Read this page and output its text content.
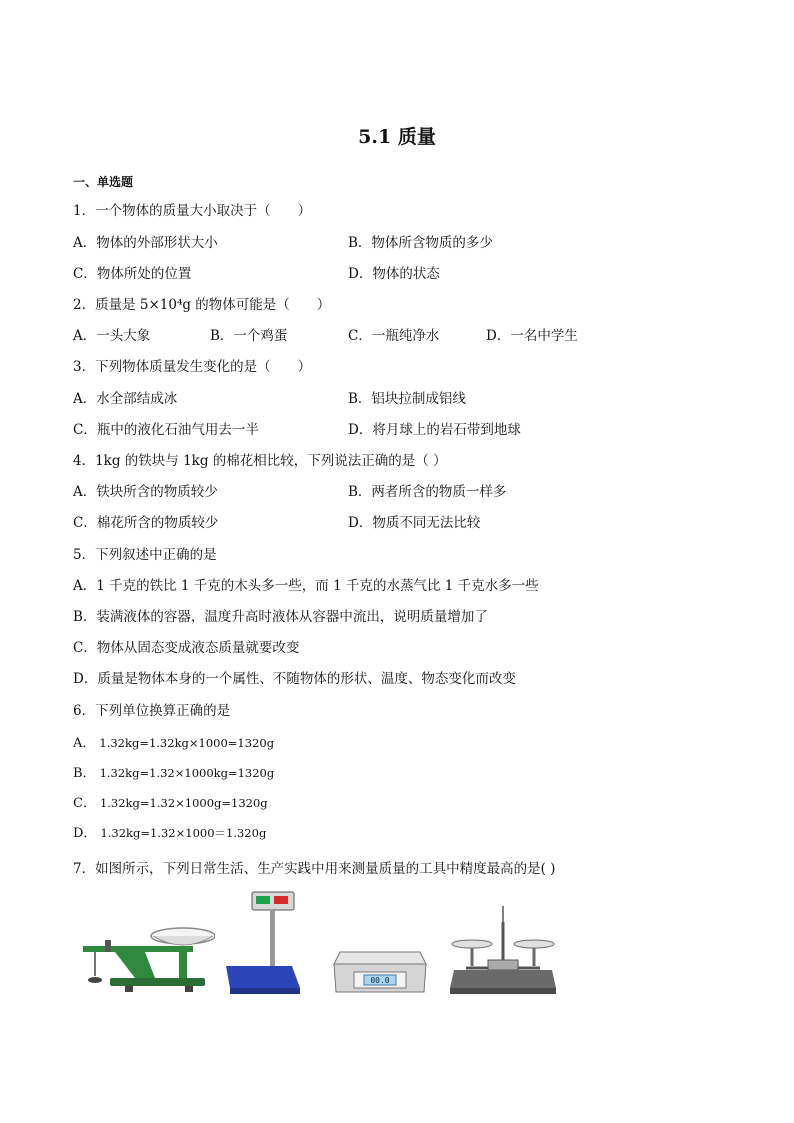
5.1 质量
一、单选题
1．一个物体的质量大小取决于（　　）
A．物体的外部形状大小	B．物体所含物质的多少
C．物体所处的位置	D．物体的状态
2．质量是 5×10⁴g 的物体可能是（　　）
A．一头大象	B．一个鸡蛋	C．一瓶纯净水	D．一名中学生
3．下列物体质量发生变化的是（　　）
A．水全部结成冰	B．铝块拉制成铝线
C．瓶中的液化石油气用去一半	D．将月球上的岩石带到地球
4．1kg 的铁块与 1kg 的棉花相比较，下列说法正确的是（ ）
A．铁块所含的物质较少	B．两者所含的物质一样多
C．棉花所含的物质较少	D．物质不同无法比较
5．下列叙述中正确的是
A．1 千克的铁比 1 千克的木头多一些，而 1 千克的水蒸气比 1 千克水多一些
B．装满液体的容器，温度升高时液体从容器中流出，说明质量增加了
C．物体从固态变成液态质量就要改变
D．质量是物体本身的一个属性、不随物体的形状、温度、物态变化而改变
6．下列单位换算正确的是
A． 1.32kg=1.32kg×1000=1320g
B． 1.32kg=1.32×1000kg=1320g
C． 1.32kg=1.32×1000g=1320g
D． 1.32kg=1.32×1000＝1.320g
7．如图所示，下列日常生活、生产实践中用来测量质量的工具中精度最高的是( )
00.0
